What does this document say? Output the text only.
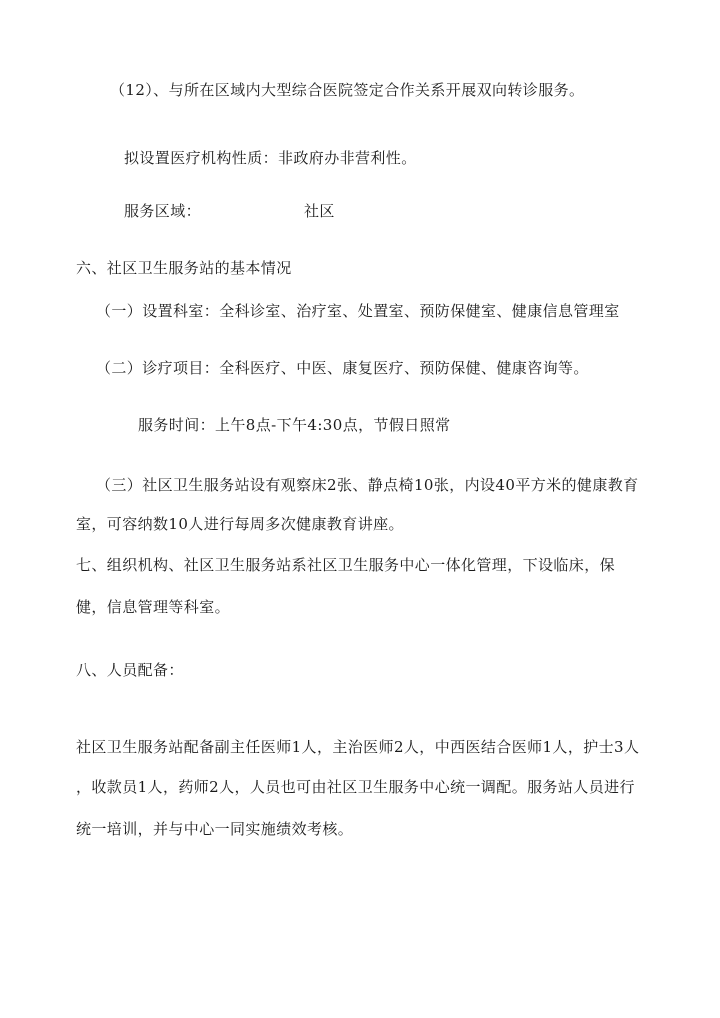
（12）、与所在区域内大型综合医院签定合作关系开展双向转诊服务。
拟设置医疗机构性质：非政府办非营利性。
服务区域：	社区
六、社区卫生服务站的基本情况
（一）设置科室：全科诊室、治疗室、处置室、预防保健室、健康信息管理室
（二）诊疗项目：全科医疗、中医、康复医疗、预防保健、健康咨询等。
服务时间：上午8点-下午4:30点，节假日照常
（三）社区卫生服务站设有观察床2张、静点椅10张，内设40平方米的健康教育
室，可容纳数10人进行每周多次健康教育讲座。
七、组织机构、社区卫生服务站系社区卫生服务中心一体化管理，下设临床，保
健，信息管理等科室。
八、人员配备：
社区卫生服务站配备副主任医师1人，主治医师2人，中西医结合医师1人，护士3人
，收款员1人，药师2人，人员也可由社区卫生服务中心统一调配。服务站人员进行
统一培训，并与中心一同实施绩效考核。
